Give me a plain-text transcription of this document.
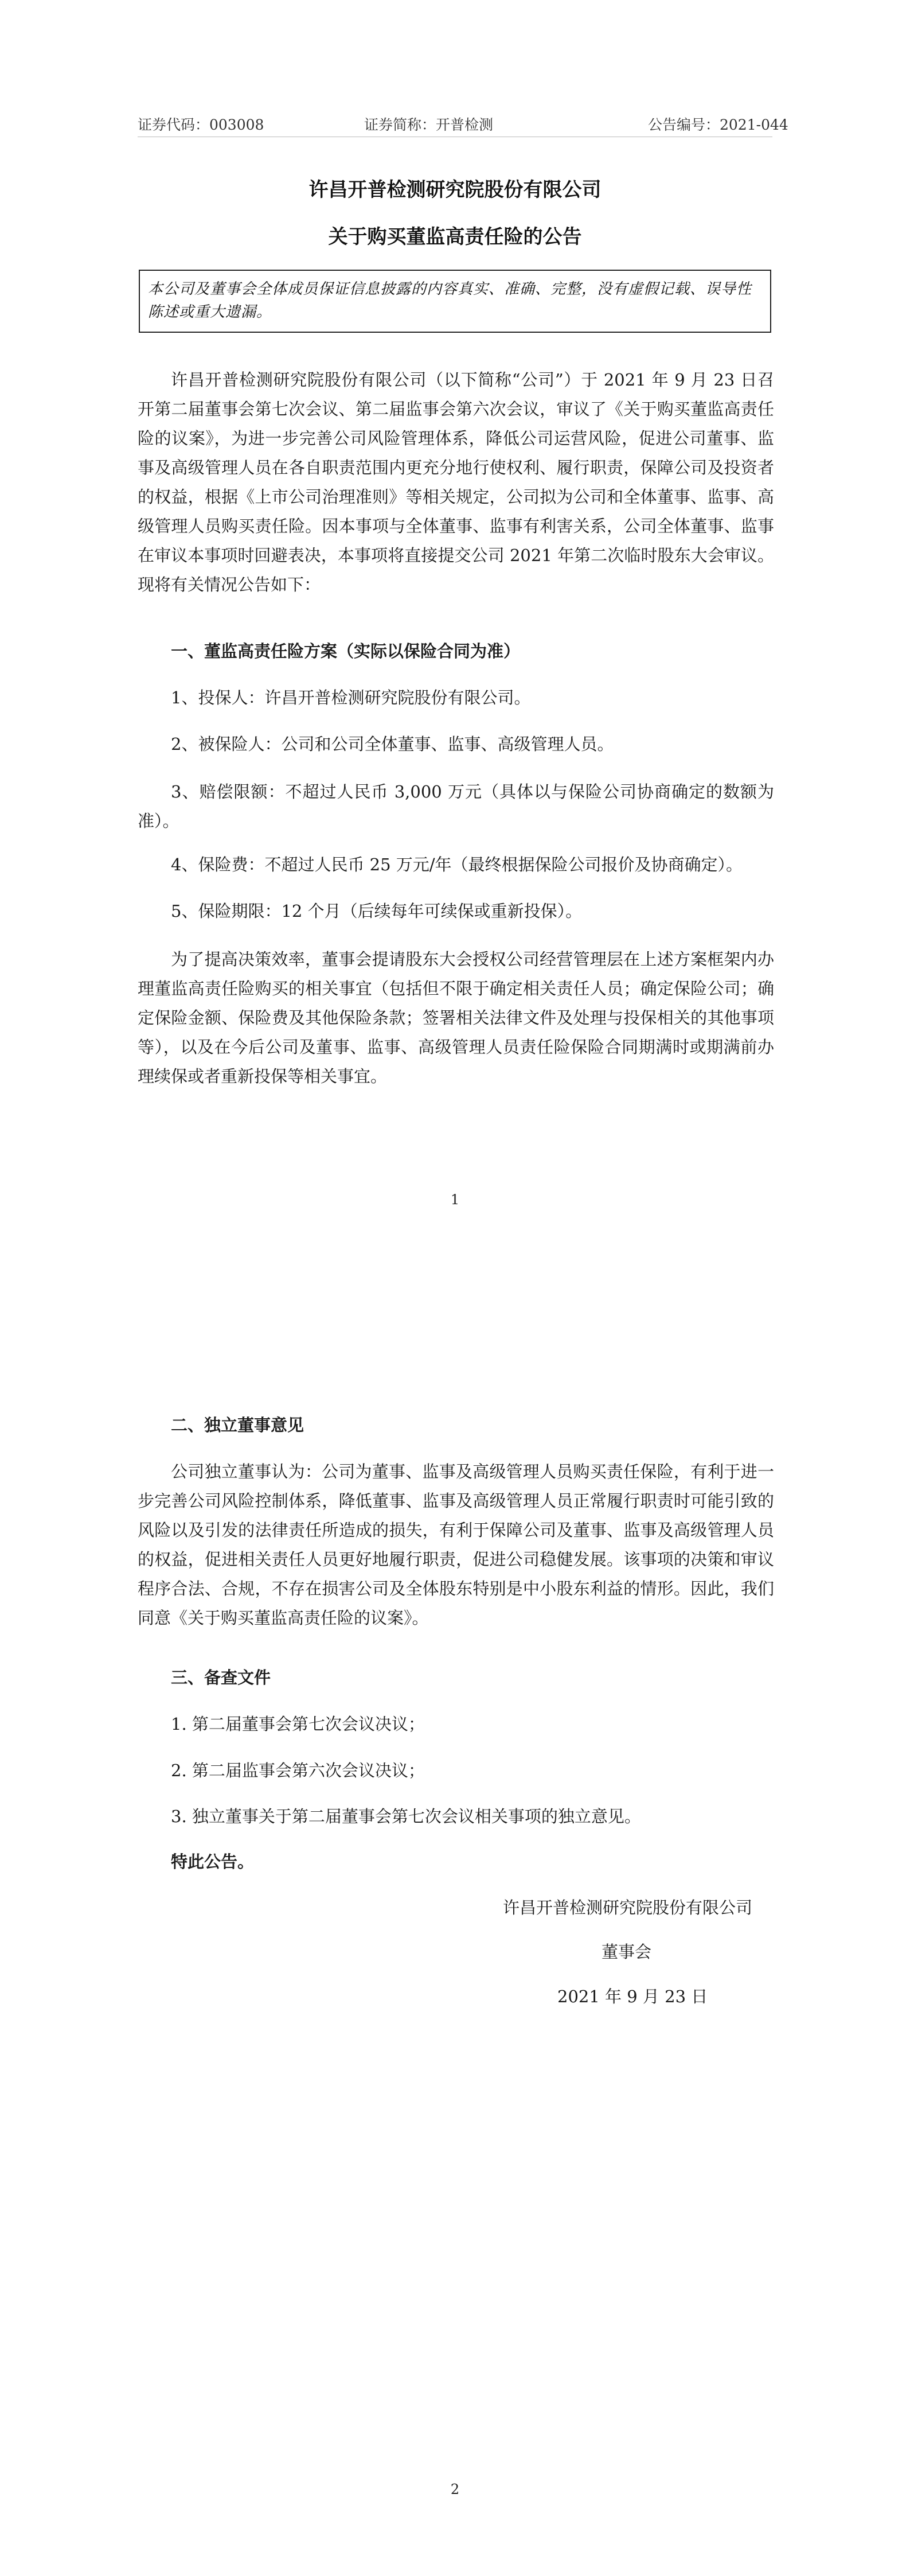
证券代码：003008	证券简称：开普检测	公告编号：2021-044
许昌开普检测研究院股份有限公司
关于购买董监高责任险的公告
本公司及董事会全体成员保证信息披露的内容真实、准确、完整，没有虚假记载、误导性陈述或重大遗漏。

许昌开普检测研究院股份有限公司（以下简称“公司”）于 2021 年 9 月 23 日召开第二届董事会第七次会议、第二届监事会第六次会议，审议了《关于购买董监高责任险的议案》，为进一步完善公司风险管理体系，降低公司运营风险，促进公司董事、监事及高级管理人员在各自职责范围内更充分地行使权利、履行职责，保障公司及投资者的权益，根据《上市公司治理准则》等相关规定，公司拟为公司和全体董事、监事、高级管理人员购买责任险。因本事项与全体董事、监事有利害关系，公司全体董事、监事在审议本事项时回避表决，本事项将直接提交公司 2021 年第二次临时股东大会审议。现将有关情况公告如下：

一、董监高责任险方案（实际以保险合同为准）

1、投保人：许昌开普检测研究院股份有限公司。

2、被保险人：公司和公司全体董事、监事、高级管理人员。

3、赔偿限额：不超过人民币 3,000 万元（具体以与保险公司协商确定的数额为准）。

4、保险费：不超过人民币 25 万元/年（最终根据保险公司报价及协商确定）。

5、保险期限：12 个月（后续每年可续保或重新投保）。

为了提高决策效率，董事会提请股东大会授权公司经营管理层在上述方案框架内办理董监高责任险购买的相关事宜（包括但不限于确定相关责任人员；确定保险公司；确定保险金额、保险费及其他保险条款；签署相关法律文件及处理与投保相关的其他事项等），以及在今后公司及董事、监事、高级管理人员责任险保险合同期满时或期满前办理续保或者重新投保等相关事宜。

1

二、独立董事意见

公司独立董事认为：公司为董事、监事及高级管理人员购买责任保险，有利于进一步完善公司风险控制体系，降低董事、监事及高级管理人员正常履行职责时可能引致的风险以及引发的法律责任所造成的损失，有利于保障公司及董事、监事及高级管理人员的权益，促进相关责任人员更好地履行职责，促进公司稳健发展。该事项的决策和审议程序合法、合规，不存在损害公司及全体股东特别是中小股东利益的情形。因此，我们同意《关于购买董监高责任险的议案》。

三、备查文件

1. 第二届董事会第七次会议决议；

2. 第二届监事会第六次会议决议；

3. 独立董事关于第二届董事会第七次会议相关事项的独立意见。

特此公告。

许昌开普检测研究院股份有限公司

董事会

2021 年 9 月 23 日

2
